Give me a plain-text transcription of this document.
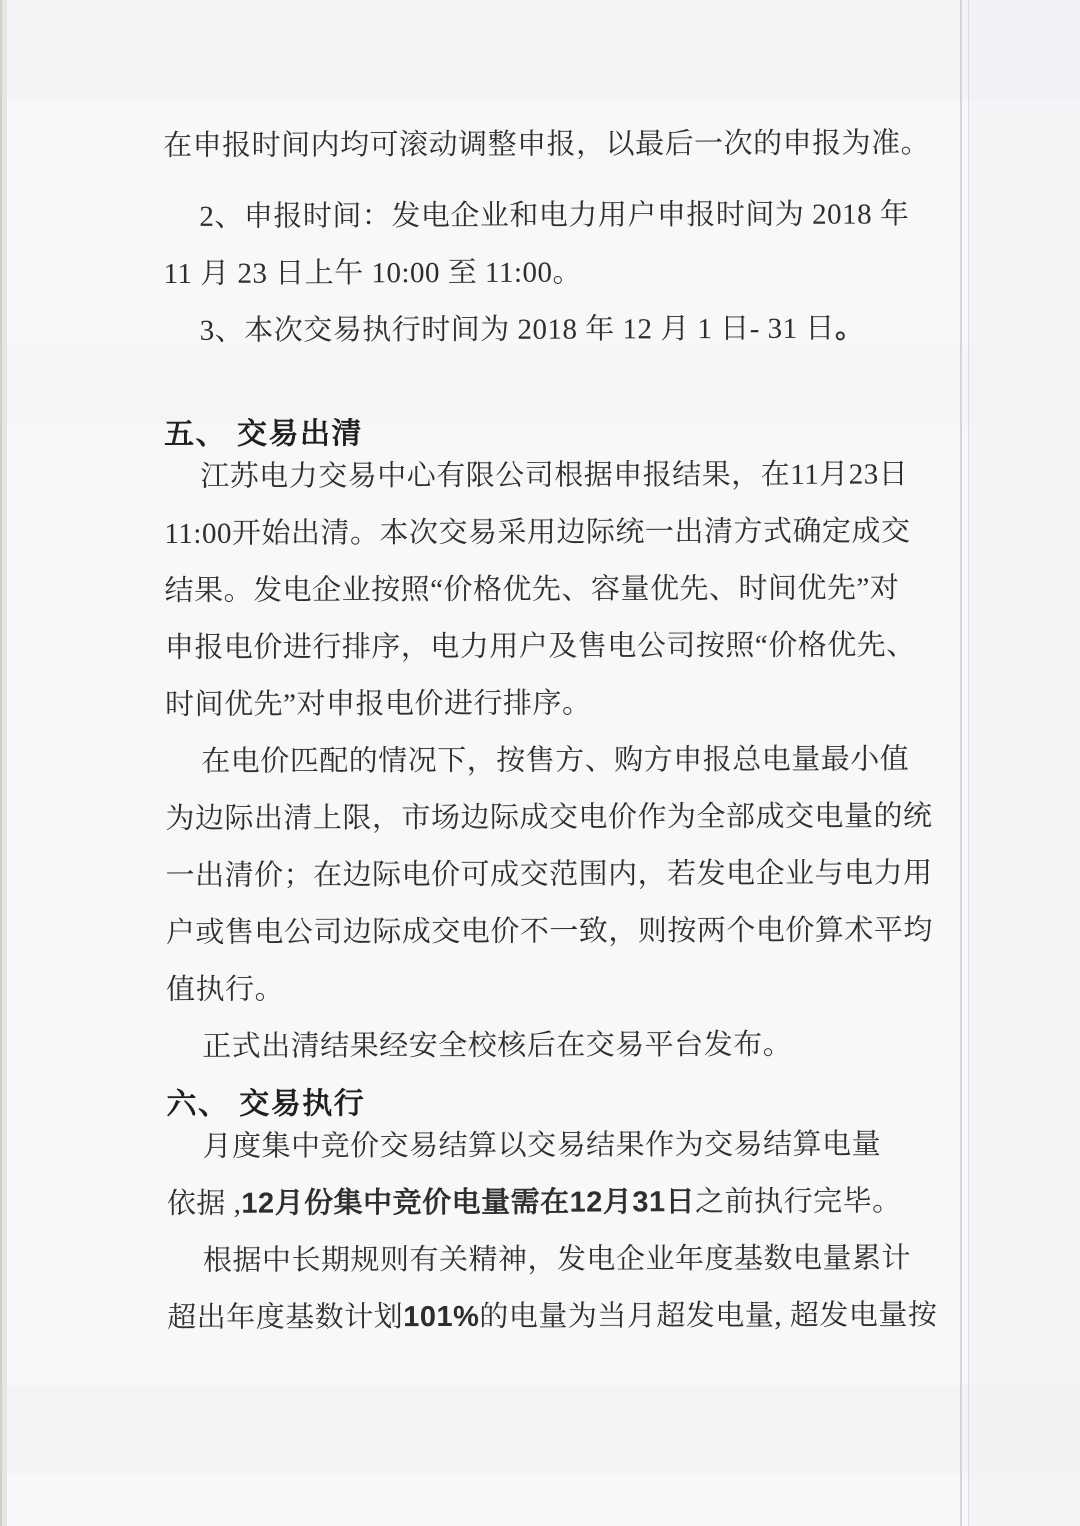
在申报时间内均可滚动调整申报，以最后一次的申报为准。
2、申报时间：发电企业和电力用户申报时间为 2018 年
11 月 23 日上午 10:00 至 11:00。
3、本次交易执行时间为 2018 年 12 月 1 日- 31 日。
五、 交易出清
江苏电力交易中心有限公司根据申报结果，在11月23日
11:00开始出清。本次交易采用边际统一出清方式确定成交
结果。发电企业按照“价格优先、容量优先、时间优先”对
申报电价进行排序，电力用户及售电公司按照“价格优先、
时间优先”对申报电价进行排序。
在电价匹配的情况下，按售方、购方申报总电量最小值
为边际出清上限，市场边际成交电价作为全部成交电量的统
一出清价；在边际电价可成交范围内，若发电企业与电力用
户或售电公司边际成交电价不一致，则按两个电价算术平均
值执行。
正式出清结果经安全校核后在交易平台发布。
六、 交易执行
月度集中竞价交易结算以交易结果作为交易结算电量
依据 ,12月份集中竞价电量需在12月31日之前执行完毕。
根据中长期规则有关精神，发电企业年度基数电量累计
超出年度基数计划101%的电量为当月超发电量, 超发电量按
